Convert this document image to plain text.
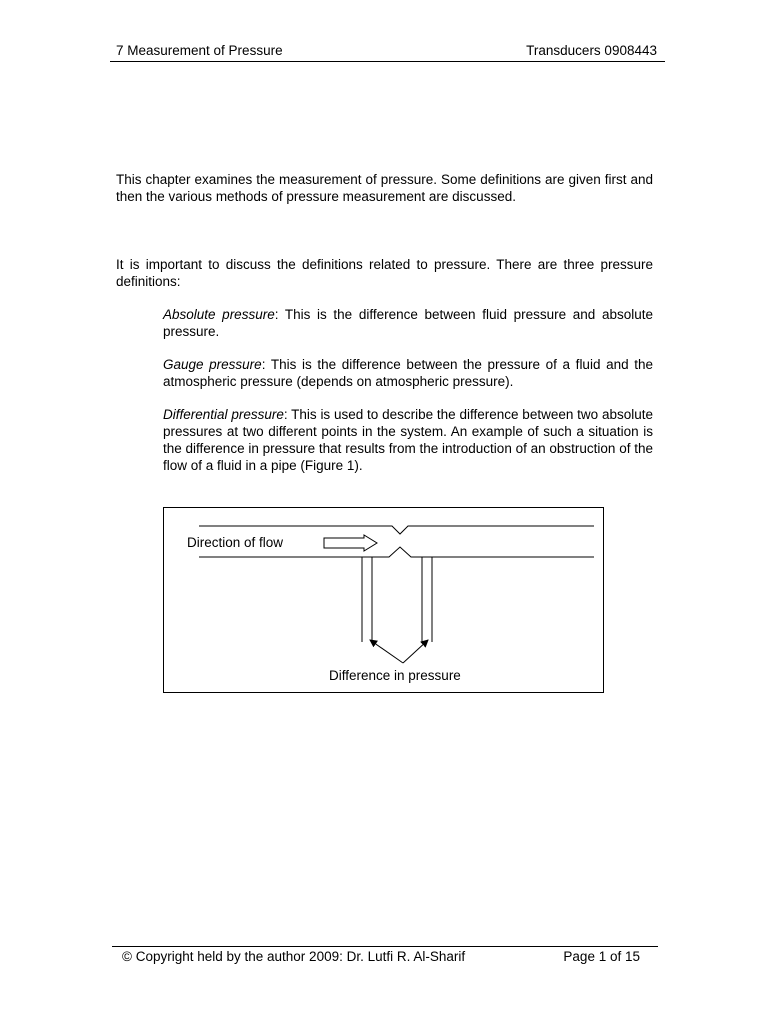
7 Measurement of Pressure	Transducers 0908443

This chapter examines the measurement of pressure. Some definitions are given first and then the various methods of pressure measurement are discussed.

It is important to discuss the definitions related to pressure. There are three pressure definitions:

Absolute pressure: This is the difference between fluid pressure and absolute pressure.

Gauge pressure: This is the difference between the pressure of a fluid and the atmospheric pressure (depends on atmospheric pressure).

Differential pressure: This is used to describe the difference between two absolute pressures at two different points in the system. An example of such a situation is the difference in pressure that results from the introduction of an obstruction of the flow of a fluid in a pipe (Figure 1).

Direction of flow
Difference in pressure
© Copyright held by the author 2009: Dr. Lutfi R. Al-Sharif	Page 1 of 15
